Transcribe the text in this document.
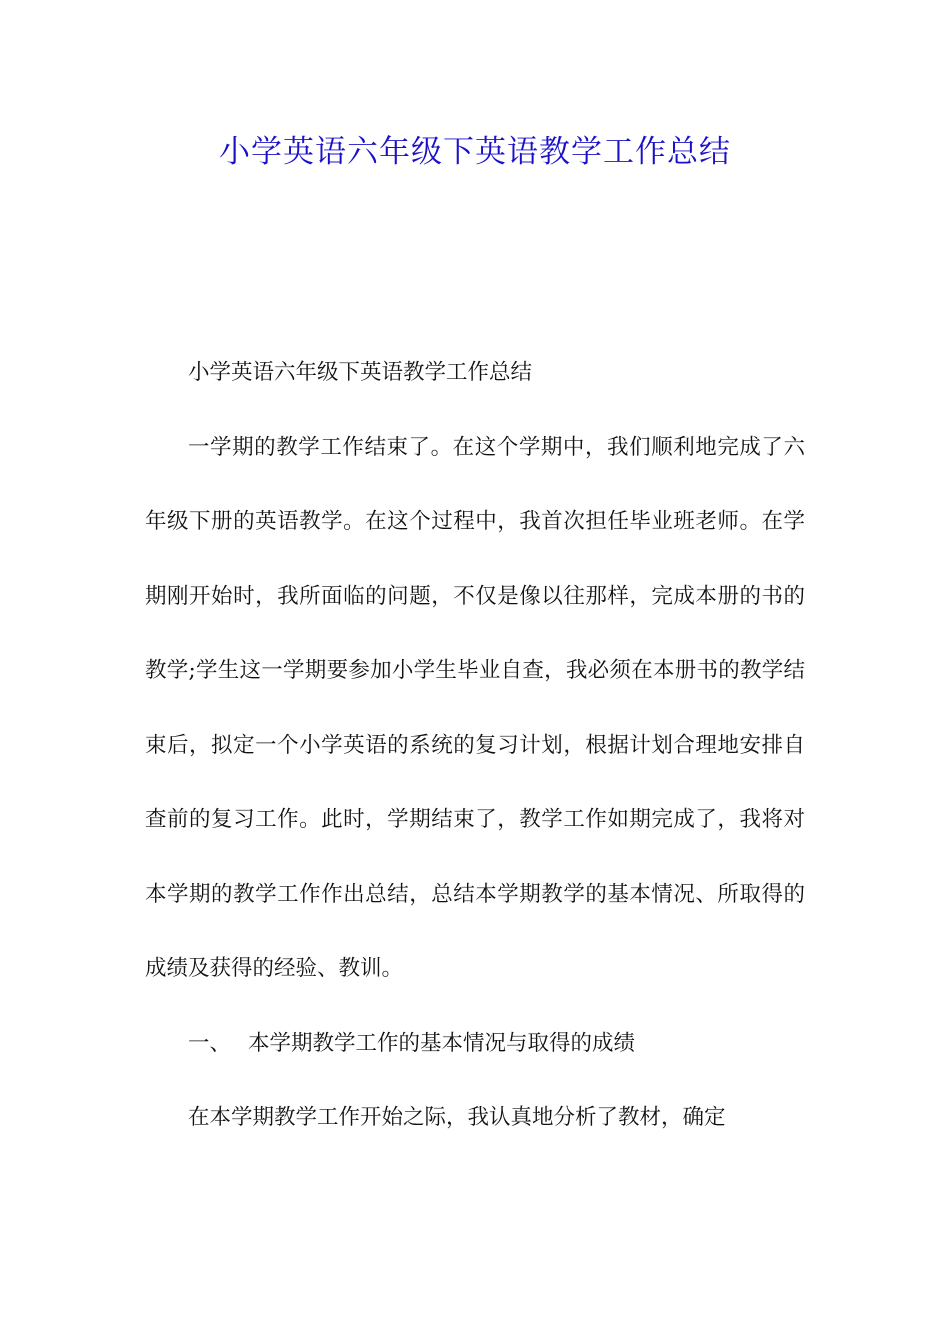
小学英语六年级下英语教学工作总结

小学英语六年级下英语教学工作总结

一学期的教学工作结束了。在这个学期中，我们顺利地完成了六年级下册的英语教学。在这个过程中，我首次担任毕业班老师。在学期刚开始时，我所面临的问题，不仅是像以往那样，完成本册的书的教学;学生这一学期要参加小学生毕业自查，我必须在本册书的教学结束后，拟定一个小学英语的系统的复习计划，根据计划合理地安排自查前的复习工作。此时，学期结束了，教学工作如期完成了，我将对本学期的教学工作作出总结，总结本学期教学的基本情况、所取得的成绩及获得的经验、教训。

一、 本学期教学工作的基本情况与取得的成绩

在本学期教学工作开始之际，我认真地分析了教材，确定
